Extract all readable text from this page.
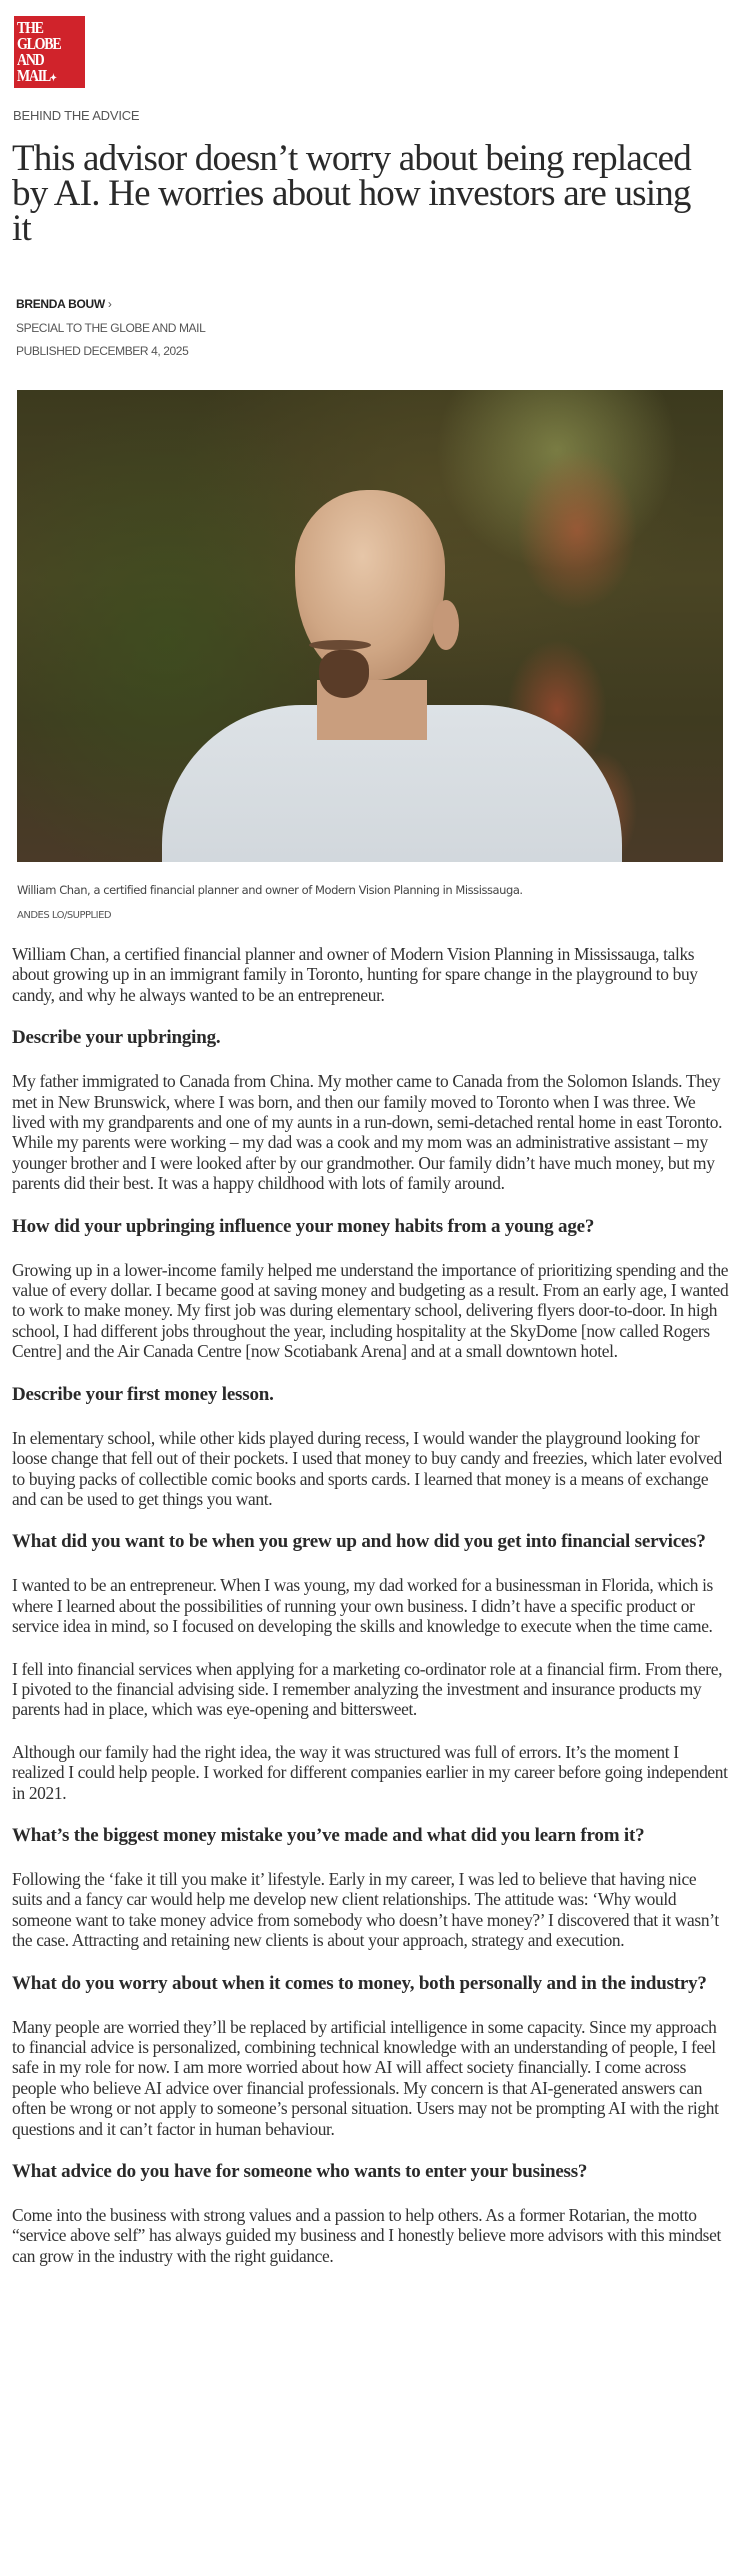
THE
GLOBE
AND
MAIL✦
BEHIND THE ADVICE
This advisor doesn’t worry about being replaced by AI. He worries about how investors are using it
BRENDA BOUW ›
SPECIAL TO THE GLOBE AND MAIL
PUBLISHED DECEMBER 4, 2025
William Chan, a certified financial planner and owner of Modern Vision Planning in Mississauga.
ANDES LO/SUPPLIED

William Chan, a certified financial planner and owner of Modern Vision Planning in Mississauga, talks about growing up in an immigrant family in Toronto, hunting for spare change in the playground to buy candy, and why he always wanted to be an entrepreneur.

Describe your upbringing.

My father immigrated to Canada from China. My mother came to Canada from the Solomon Islands. They met in New Brunswick, where I was born, and then our family moved to Toronto when I was three. We lived with my grandparents and one of my aunts in a run-down, semi-detached rental home in east Toronto. While my parents were working – my dad was a cook and my mom was an administrative assistant – my younger brother and I were looked after by our grandmother. Our family didn’t have much money, but my parents did their best. It was a happy childhood with lots of family around.

How did your upbringing influence your money habits from a young age?

Growing up in a lower-income family helped me understand the importance of prioritizing spending and the value of every dollar. I became good at saving money and budgeting as a result. From an early age, I wanted to work to make money. My first job was during elementary school, delivering flyers door-to-door. In high school, I had different jobs throughout the year, including hospitality at the SkyDome [now called Rogers Centre] and the Air Canada Centre [now Scotiabank Arena] and at a small downtown hotel.

Describe your first money lesson.

In elementary school, while other kids played during recess, I would wander the playground looking for loose change that fell out of their pockets. I used that money to buy candy and freezies, which later evolved to buying packs of collectible comic books and sports cards. I learned that money is a means of exchange and can be used to get things you want.

What did you want to be when you grew up and how did you get into financial services?

I wanted to be an entrepreneur. When I was young, my dad worked for a businessman in Florida, which is where I learned about the possibilities of running your own business. I didn’t have a specific product or service idea in mind, so I focused on developing the skills and knowledge to execute when the time came.

I fell into financial services when applying for a marketing co-ordinator role at a financial firm. From there, I pivoted to the financial advising side. I remember analyzing the investment and insurance products my parents had in place, which was eye-opening and bittersweet.

Although our family had the right idea, the way it was structured was full of errors. It’s the moment I realized I could help people. I worked for different companies earlier in my career before going independent in 2021.

What’s the biggest money mistake you’ve made and what did you learn from it?

Following the ‘fake it till you make it’ lifestyle. Early in my career, I was led to believe that having nice suits and a fancy car would help me develop new client relationships. The attitude was: ‘Why would someone want to take money advice from somebody who doesn’t have money?’ I discovered that it wasn’t the case. Attracting and retaining new clients is about your approach, strategy and execution.

What do you worry about when it comes to money, both personally and in the industry?

Many people are worried they’ll be replaced by artificial intelligence in some capacity. Since my approach to financial advice is personalized, combining technical knowledge with an understanding of people, I feel safe in my role for now. I am more worried about how AI will affect society financially. I come across people who believe AI advice over financial professionals. My concern is that AI-generated answers can often be wrong or not apply to someone’s personal situation. Users may not be prompting AI with the right questions and it can’t factor in human behaviour.

What advice do you have for someone who wants to enter your business?

Come into the business with strong values and a passion to help others. As a former Rotarian, the motto “service above self” has always guided my business and I honestly believe more advisors with this mindset can grow in the industry with the right guidance.
